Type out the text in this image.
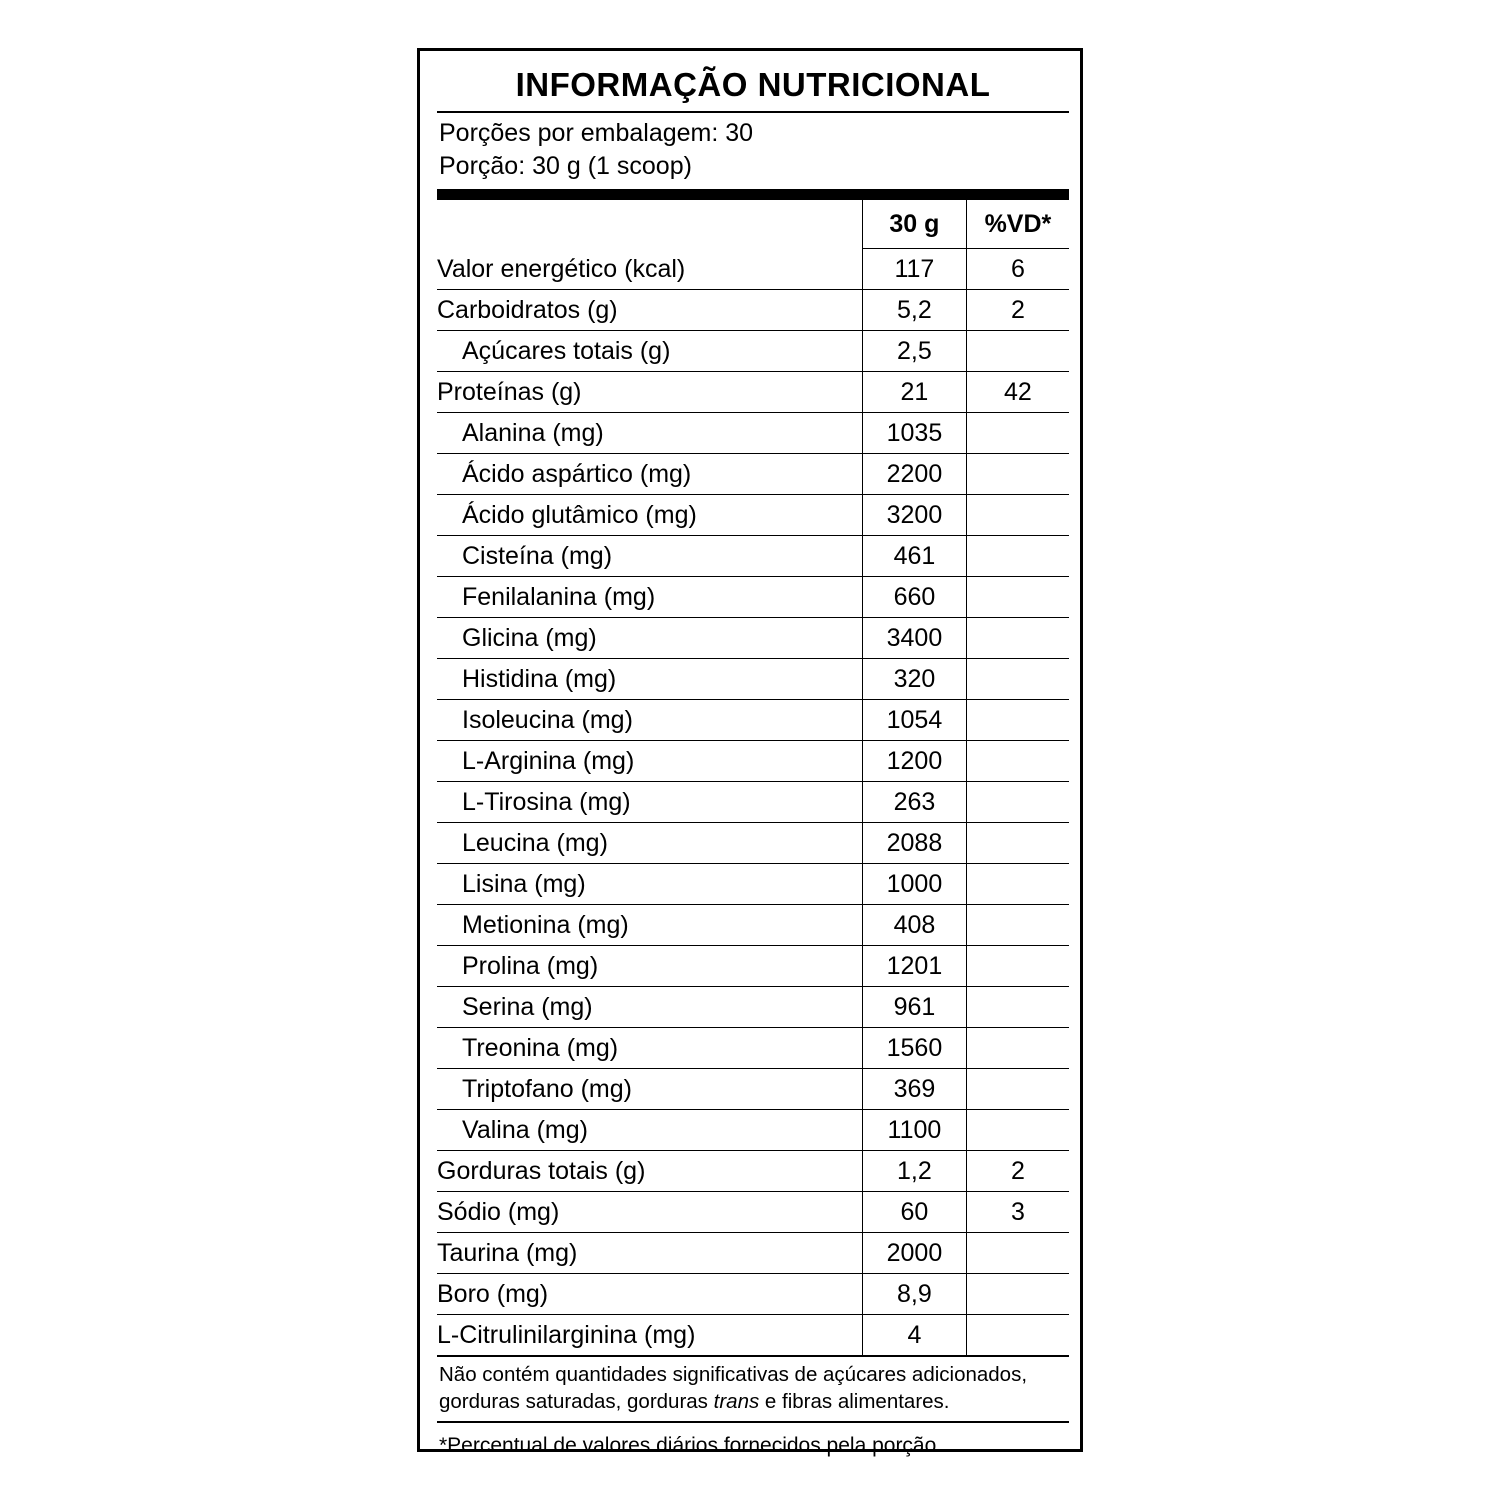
INFORMAÇÃO NUTRICIONAL
Porções por embalagem: 30
Porção: 30 g (1 scoop)
	30 g	%VD*
Valor energético (kcal)	117	6
Carboidratos (g)	5,2	2
Açúcares totais (g)	2,5	
Proteínas (g)	21	42
Alanina (mg)	1035	
Ácido aspártico (mg)	2200	
Ácido glutâmico (mg)	3200	
Cisteína (mg)	461	
Fenilalanina (mg)	660	
Glicina (mg)	3400	
Histidina (mg)	320	
Isoleucina (mg)	1054	
L-Arginina (mg)	1200	
L-Tirosina (mg)	263	
Leucina (mg)	2088	
Lisina (mg)	1000	
Metionina (mg)	408	
Prolina (mg)	1201	
Serina (mg)	961	
Treonina (mg)	1560	
Triptofano (mg)	369	
Valina (mg)	1100	
Gorduras totais (g)	1,2	2
Sódio (mg)	60	3
Taurina (mg)	2000	
Boro (mg)	8,9	
L-Citrulinilarginina (mg)	4	
Não contém quantidades significativas de açúcares adicionados, gorduras saturadas, gorduras trans e fibras alimentares.
*Percentual de valores diários fornecidos pela porção.
